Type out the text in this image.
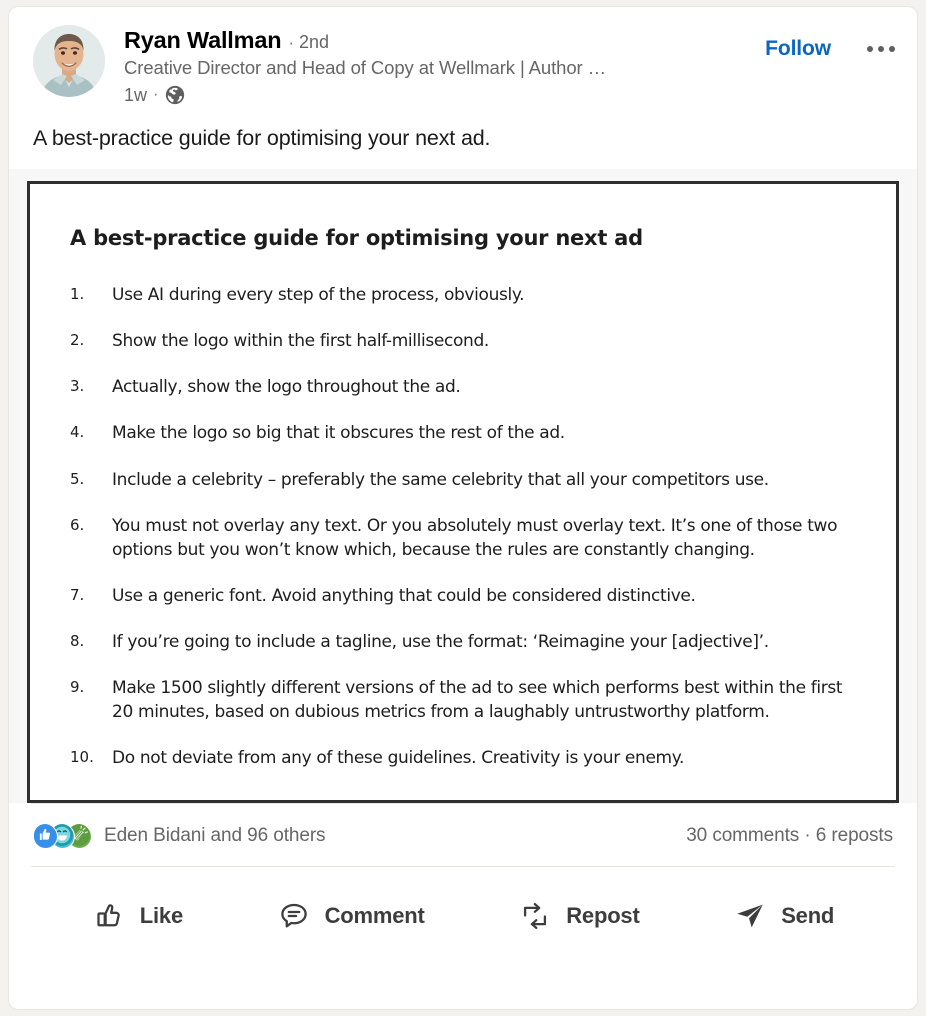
Ryan Wallman · 2nd
Creative Director and Head of Copy at Wellmark | Author …
1w ·
Follow
A best-practice guide for optimising your next ad.
A best-practice guide for optimising your next ad
1.	Use AI during every step of the process, obviously.
2.	Show the logo within the first half-millisecond.
3.	Actually, show the logo throughout the ad.
4.	Make the logo so big that it obscures the rest of the ad.
5.	Include a celebrity – preferably the same celebrity that all your competitors use.
6.	You must not overlay any text. Or you absolutely must overlay text. It’s one of those two options but you won’t know which, because the rules are constantly changing.
7.	Use a generic font. Avoid anything that could be considered distinctive.
8.	If you’re going to include a tagline, use the format: ‘Reimagine your [adjective]’.
9.	Make 1500 slightly different versions of the ad to see which performs best within the first 20 minutes, based on dubious metrics from a laughably untrustworthy platform.
10.	Do not deviate from any of these guidelines. Creativity is your enemy.
Eden Bidani and 96 others	30 comments · 6 reposts
Like	Comment	Repost	Send
